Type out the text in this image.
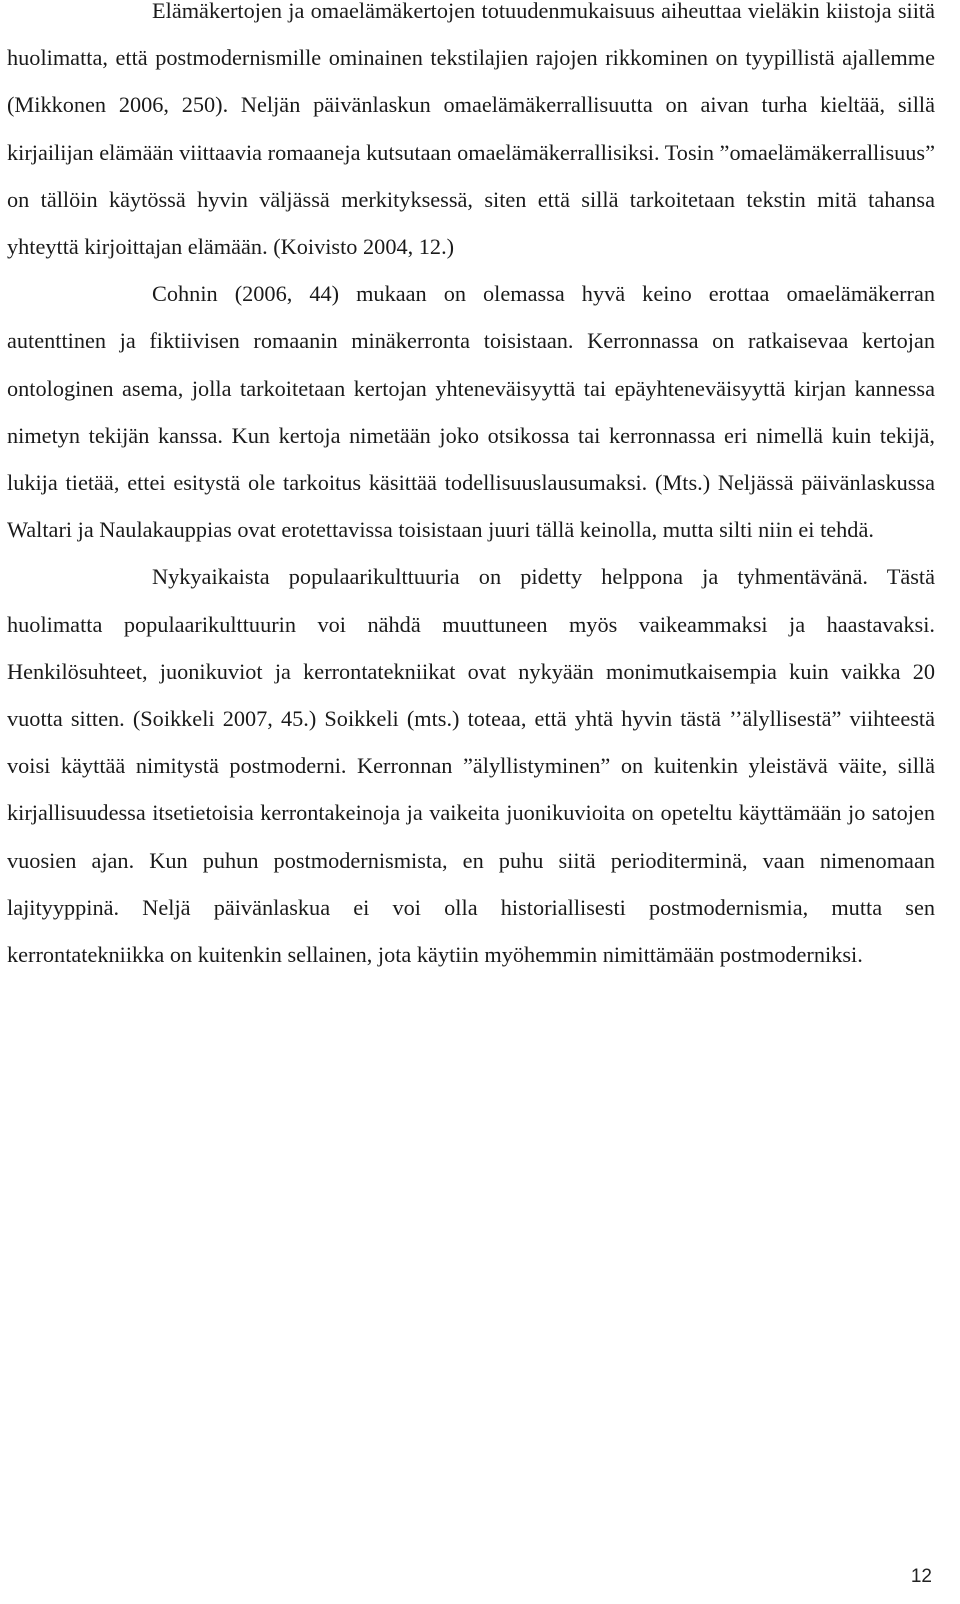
Elämäkertojen ja omaelämäkertojen totuudenmukaisuus aiheuttaa vieläkin kiistoja siitä huolimatta, että postmodernismille ominainen tekstilajien rajojen rikkominen on tyypillistä ajallemme (Mikkonen 2006, 250). Neljän päivänlaskun omaelämäkerrallisuutta on aivan turha kieltää, sillä kirjailijan elämään viittaavia romaaneja kutsutaan omaelämäkerrallisiksi. Tosin ”omaelämäkerrallisuus” on tällöin käytössä hyvin väljässä merkityksessä, siten että sillä tarkoitetaan tekstin mitä tahansa yhteyttä kirjoittajan elämään. (Koivisto 2004, 12.)

Cohnin (2006, 44) mukaan on olemassa hyvä keino erottaa omaelämäkerran autenttinen ja fiktiivisen romaanin minäkerronta toisistaan. Kerronnassa on ratkaisevaa kertojan ontologinen asema, jolla tarkoitetaan kertojan yhteneväisyyttä tai epäyhteneväisyyttä kirjan kannessa nimetyn tekijän kanssa. Kun kertoja nimetään joko otsikossa tai kerronnassa eri nimellä kuin tekijä, lukija tietää, ettei esitystä ole tarkoitus käsittää todellisuuslausumaksi. (Mts.) Neljässä päivänlaskussa Waltari ja Naulakauppias ovat erotettavissa toisistaan juuri tällä keinolla, mutta silti niin ei tehdä.

Nykyaikaista populaarikulttuuria on pidetty helppona ja tyhmentävänä. Tästä huolimatta populaarikulttuurin voi nähdä muuttuneen myös vaikeammaksi ja haastavaksi. Henkilösuhteet, juonikuviot ja kerrontatekniikat ovat nykyään monimutkaisempia kuin vaikka 20 vuotta sitten. (Soikkeli 2007, 45.) Soikkeli (mts.) toteaa, että yhtä hyvin tästä ’’älyllisestä” viihteestä voisi käyttää nimitystä postmoderni. Kerronnan ”älyllistyminen” on kuitenkin yleistävä väite, sillä kirjallisuudessa itsetietoisia kerrontakeinoja ja vaikeita juonikuvioita on opeteltu käyttämään jo satojen vuosien ajan. Kun puhun postmodernismista, en puhu siitä perioditerminä, vaan nimenomaan lajityyppinä. Neljä päivänlaskua ei voi olla historiallisesti postmodernismia, mutta sen kerrontatekniikka on kuitenkin sellainen, jota käytiin myöhemmin nimittämään postmoderniksi.

12
